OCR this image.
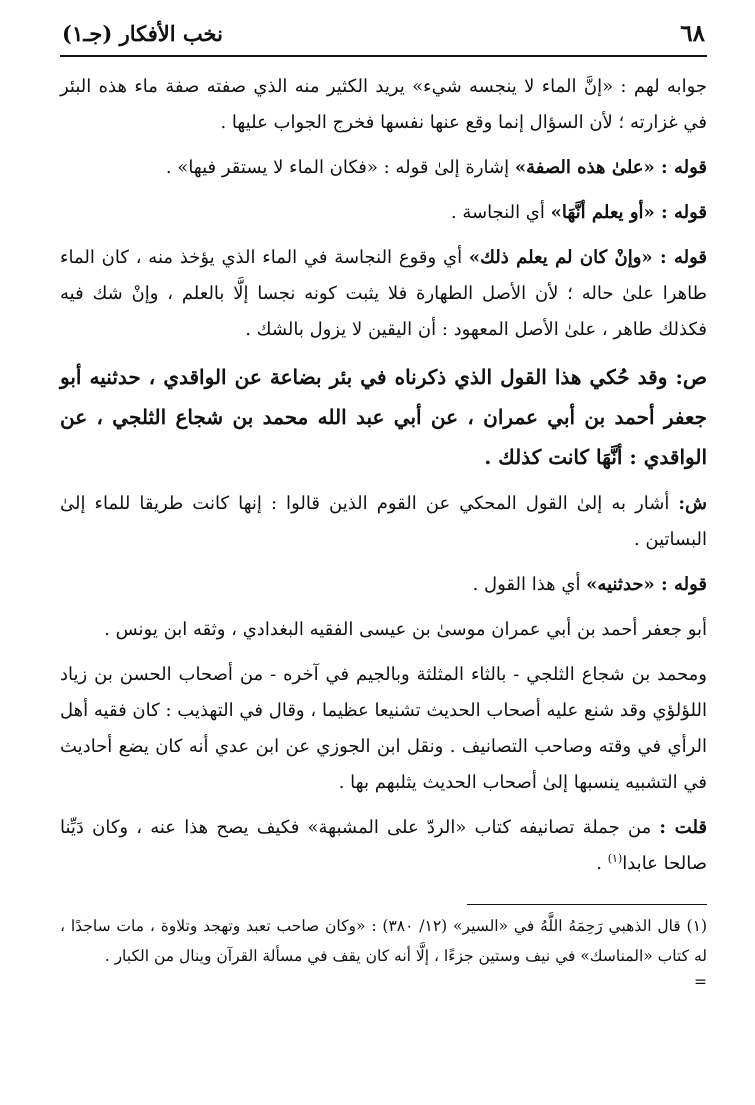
٦٨
نخب الأفكار (جـ١)

جوابه لهم : «إنَّ الماء لا ينجسه شيء» يريد الكثير منه الذي صفته صفة ماء هذه البئر في غزارته ؛ لأن السؤال إنما وقع عنها نفسها فخرج الجواب عليها .

قوله : «علىٰ هذه الصفة» إشارة إلىٰ قوله : «فكان الماء لا يستقر فيها» .

قوله : «أو يعلم أنَّهَا» أي النجاسة .

قوله : «وإنْ كان لم يعلم ذلك» أي وقوع النجاسة في الماء الذي يؤخذ منه ، كان الماء طاهرا علىٰ حاله ؛ لأن الأصل الطهارة فلا يثبت كونه نجسا إلَّا بالعلم ، وإنْ شك فيه فكذلك طاهر ، علىٰ الأصل المعهود : أن اليقين لا يزول بالشك .

ص: وقد حُكي هذا القول الذي ذكرناه في بئر بضاعة عن الواقدي ، حدثنيه أبو جعفر أحمد بن أبي عمران ، عن أبي عبد الله محمد بن شجاع الثلجي ، عن الواقدي : أنَّهَا كانت كذلك .

ش: أشار به إلىٰ القول المحكي عن القوم الذين قالوا : إنها كانت طريقا للماء إلىٰ البساتين .

قوله : «حدثنيه» أي هذا القول .

أبو جعفر أحمد بن أبي عمران موسىٰ بن عيسى الفقيه البغدادي ، وثقه ابن يونس .

ومحمد بن شجاع الثلجي - بالثاء المثلثة وبالجيم في آخره - من أصحاب الحسن بن زياد اللؤلؤي وقد شنع عليه أصحاب الحديث تشنيعا عظيما ، وقال في التهذيب : كان فقيه أهل الرأي في وقته وصاحب التصانيف . ونقل ابن الجوزي عن ابن عدي أنه كان يضع أحاديث في التشبيه ينسبها إلىٰ أصحاب الحديث يثلبهم بها .

قلت : من جملة تصانيفه كتاب «الردّ على المشبهة» فكيف يصح هذا عنه ، وكان دَيِّنا صالحا عابدا$^{(١)}$ .

(١) قال الذهبي رَحِمَهُ اللَّهُ في «السير» (١٢/ ٣٨٠) : «وكان صاحب تعبد وتهجد وتلاوة ، مات ساجدًا ، له كتاب «المناسك» في نيف وستين جزءًا ، إلَّا أنه كان يقف في مسألة القرآن وينال من الكبار .
=
